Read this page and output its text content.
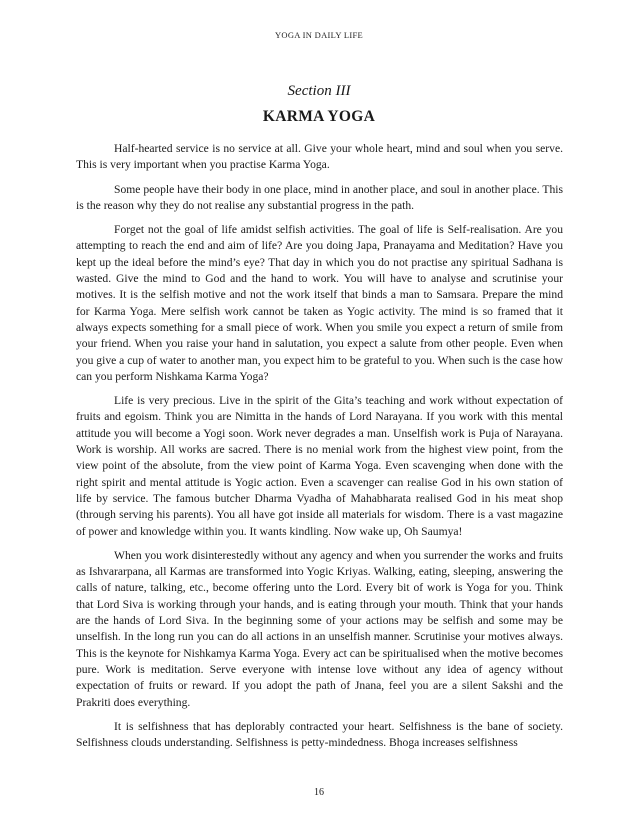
YOGA IN DAILY LIFE
Section III
KARMA YOGA

Half-hearted service is no service at all. Give your whole heart, mind and soul when you serve. This is very important when you practise Karma Yoga.

Some people have their body in one place, mind in another place, and soul in another place. This is the reason why they do not realise any substantial progress in the path.

Forget not the goal of life amidst selfish activities. The goal of life is Self-realisation. Are you attempting to reach the end and aim of life? Are you doing Japa, Pranayama and Meditation? Have you kept up the ideal before the mind’s eye? That day in which you do not practise any spiritual Sadhana is wasted. Give the mind to God and the hand to work. You will have to analyse and scrutinise your motives. It is the selfish motive and not the work itself that binds a man to Samsara. Prepare the mind for Karma Yoga. Mere selfish work cannot be taken as Yogic activity. The mind is so framed that it always expects something for a small piece of work. When you smile you expect a return of smile from your friend. When you raise your hand in salutation, you expect a salute from other people. Even when you give a cup of water to another man, you expect him to be grateful to you. When such is the case how can you perform Nishkama Karma Yoga?

Life is very precious. Live in the spirit of the Gita’s teaching and work without expectation of fruits and egoism. Think you are Nimitta in the hands of Lord Narayana. If you work with this mental attitude you will become a Yogi soon. Work never degrades a man. Unselfish work is Puja of Narayana. Work is worship. All works are sacred. There is no menial work from the highest view point, from the view point of the absolute, from the view point of Karma Yoga. Even scavenging when done with the right spirit and mental attitude is Yogic action. Even a scavenger can realise God in his own station of life by service. The famous butcher Dharma Vyadha of Mahabharata realised God in his meat shop (through serving his parents). You all have got inside all materials for wisdom. There is a vast magazine of power and knowledge within you. It wants kindling. Now wake up, Oh Saumya!

When you work disinterestedly without any agency and when you surrender the works and fruits as Ishvararpana, all Karmas are transformed into Yogic Kriyas. Walking, eating, sleeping, answering the calls of nature, talking, etc., become offering unto the Lord. Every bit of work is Yoga for you. Think that Lord Siva is working through your hands, and is eating through your mouth. Think that your hands are the hands of Lord Siva. In the beginning some of your actions may be selfish and some may be unselfish. In the long run you can do all actions in an unselfish manner. Scrutinise your motives always. This is the keynote for Nishkamya Karma Yoga. Every act can be spiritualised when the motive becomes pure. Work is meditation. Serve everyone with intense love without any idea of agency without expectation of fruits or reward. If you adopt the path of Jnana, feel you are a silent Sakshi and the Prakriti does everything.

It is selfishness that has deplorably contracted your heart. Selfishness is the bane of society. Selfishness clouds understanding. Selfishness is petty-mindedness. Bhoga increases selfishness

16
